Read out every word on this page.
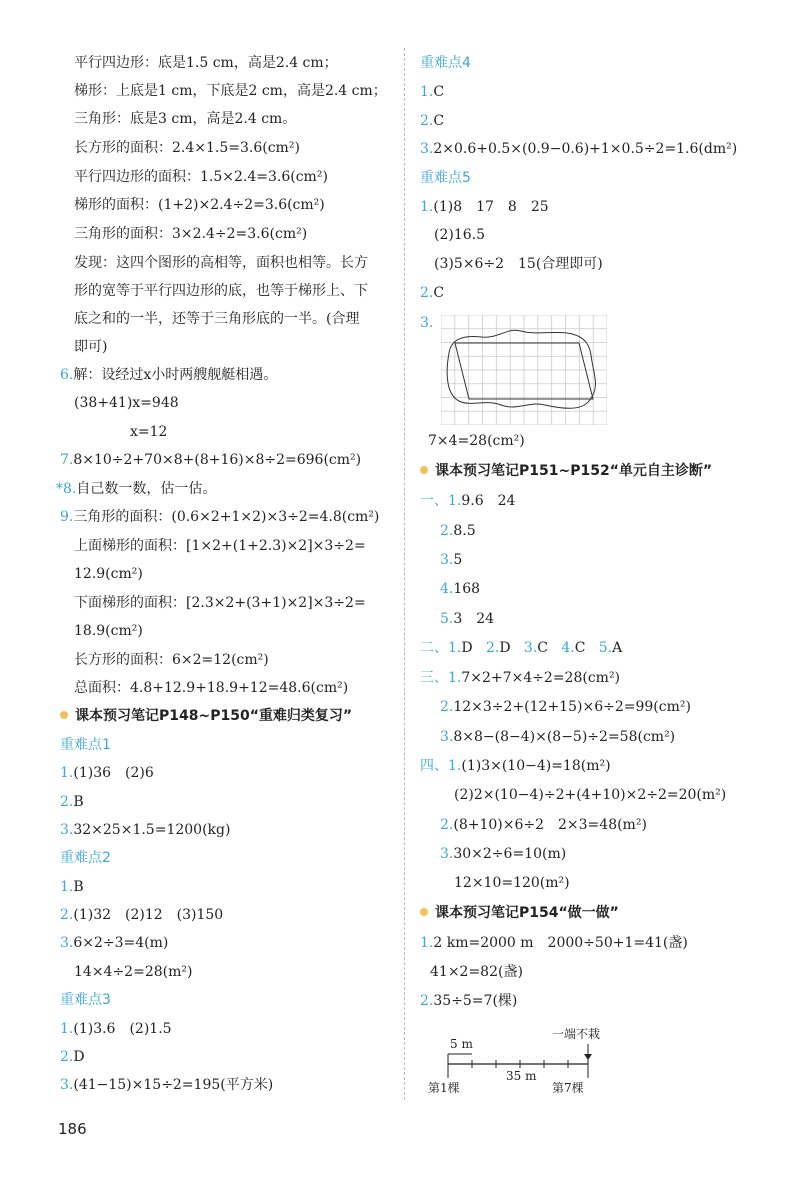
平行四边形：底是1.5 cm，高是2.4 cm；
梯形：上底是1 cm，下底是2 cm，高是2.4 cm；
三角形：底是3 cm，高是2.4 cm。
长方形的面积：2.4×1.5=3.6(cm²)
平行四边形的面积：1.5×2.4=3.6(cm²)
梯形的面积：(1+2)×2.4÷2=3.6(cm²)
三角形的面积：3×2.4÷2=3.6(cm²)
发现：这四个图形的高相等，面积也相等。长方
形的宽等于平行四边形的底，也等于梯形上、下
底之和的一半，还等于三角形底的一半。(合理
即可)
6.解：设经过x小时两艘舰艇相遇。
(38+41)x=948
x=12
7.8×10÷2+70×8+(8+16)×8÷2=696(cm²)
*8.自己数一数，估一估。
9.三角形的面积：(0.6×2+1×2)×3÷2=4.8(cm²)
上面梯形的面积：[1×2+(1+2.3)×2]×3÷2=
12.9(cm²)
下面梯形的面积：[2.3×2+(3+1)×2]×3÷2=
18.9(cm²)
长方形的面积：6×2=12(cm²)
总面积：4.8+12.9+18.9+12=48.6(cm²)
课本预习笔记P148~P150“重难归类复习”
重难点1
1.(1)36　(2)6
2.B
3.32×25×1.5=1200(kg)
重难点2
1.B
2.(1)32　(2)12　(3)150
3.6×2÷3=4(m)
14×4÷2=28(m²)
重难点3
1.(1)3.6　(2)1.5
2.D
3.(41−15)×15÷2=195(平方米)
重难点4
1.C
2.C
3.2×0.6+0.5×(0.9−0.6)+1×0.5÷2=1.6(dm²)
重难点5
1.(1)8　17　8　25
(2)16.5
(3)5×6÷2　15(合理即可)
2.C
3.
7×4=28(cm²)
课本预习笔记P151~P152“单元自主诊断”
一、1.9.6　24
2.8.5
3.5
4.168
5.3　24
二、1.D 2.D 3.C 4.C 5.A
三、1.7×2+7×4÷2=28(cm²)
2.12×3÷2+(12+15)×6÷2=99(cm²)
3.8×8−(8−4)×(8−5)÷2=58(cm²)
四、1.(1)3×(10−4)=18(m²)
(2)2×(10−4)÷2+(4+10)×2÷2=20(m²)
2.(8+10)×6÷2　2×3=48(m²)
3.30×2÷6=10(m)
12×10=120(m²)
课本预习笔记P154“做一做”
1.2 km=2000 m　2000÷50+1=41(盏)
41×2=82(盏)
2.35÷5=7(棵)
5 m
一端不栽
35 m
第1棵	第7棵
186
